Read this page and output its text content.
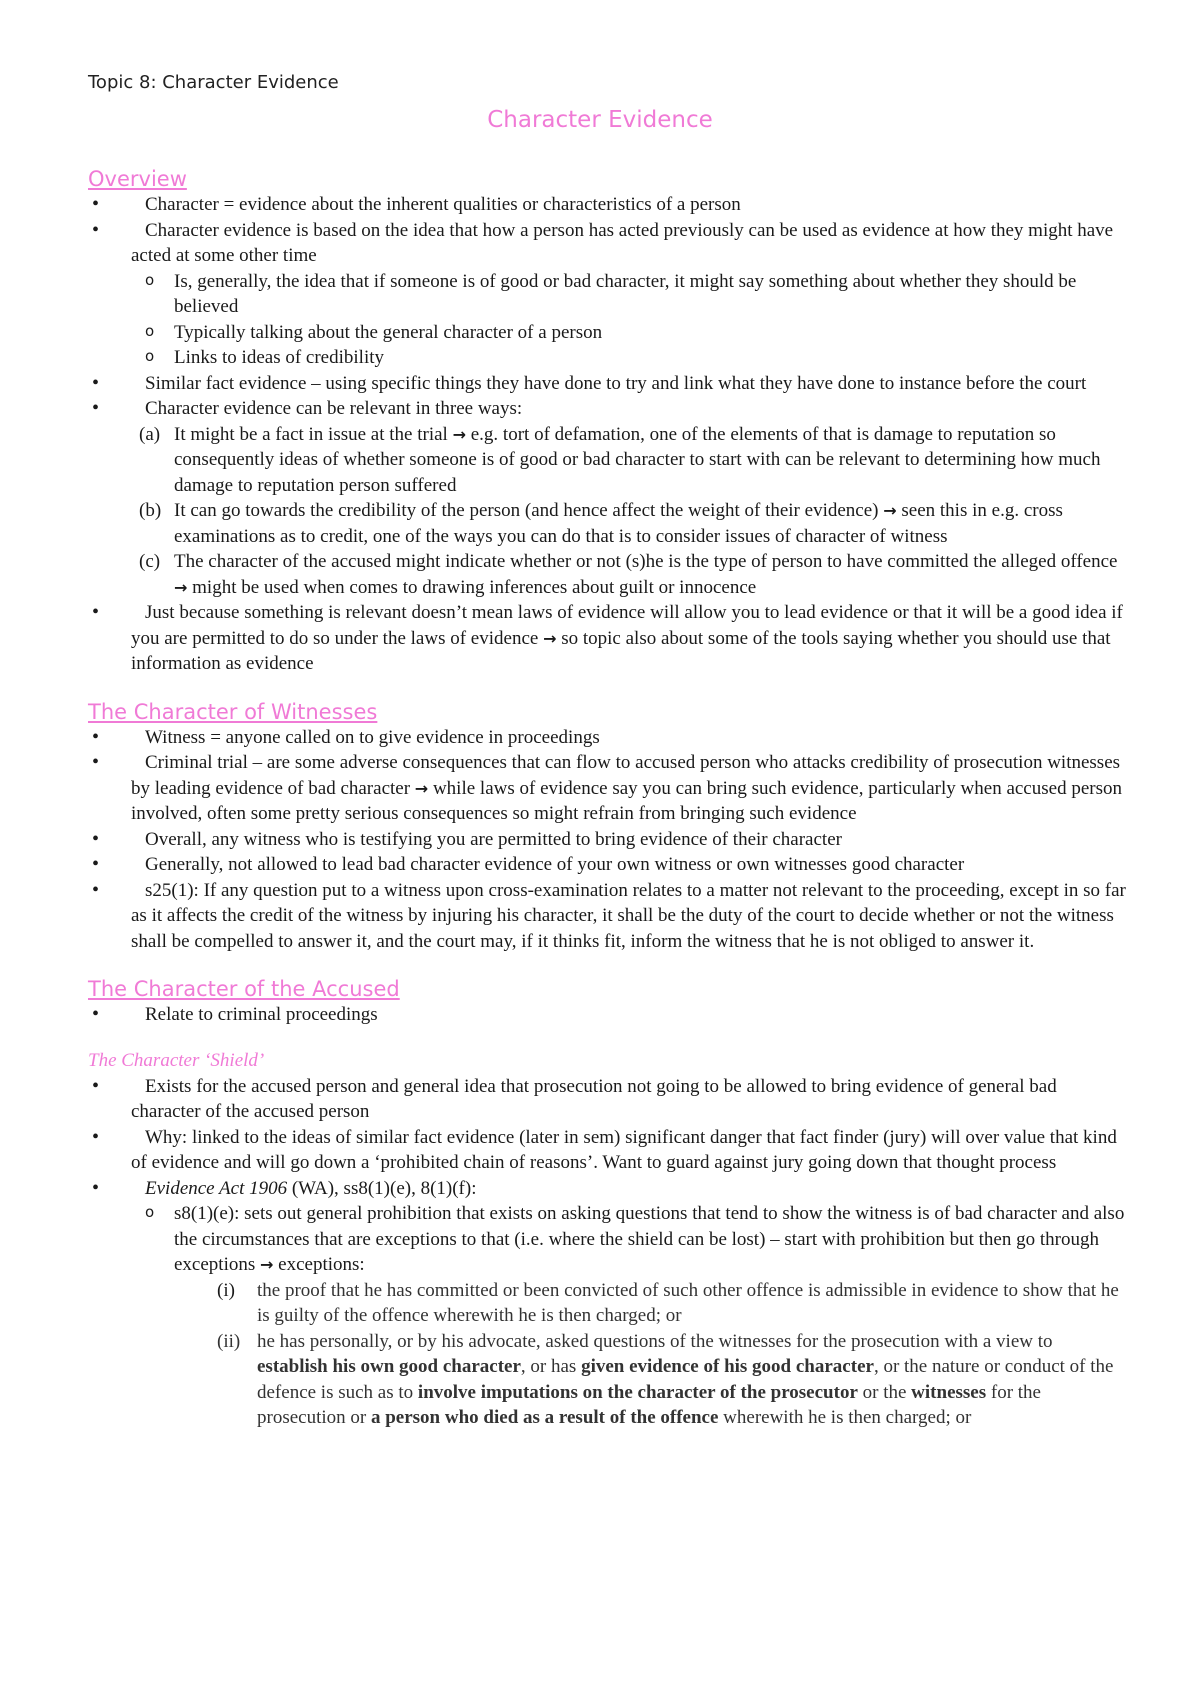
Topic 8: Character Evidence
Character Evidence
Overview
• Character = evidence about the inherent qualities or characteristics of a person
• Character evidence is based on the idea that how a person has acted previously can be used as evidence at how they might have acted at some other time
o Is, generally, the idea that if someone is of good or bad character, it might say something about whether they should be believed
o Typically talking about the general character of a person
o Links to ideas of credibility
• Similar fact evidence – using specific things they have done to try and link what they have done to instance before the court
• Character evidence can be relevant in three ways:
(a) It might be a fact in issue at the trial → e.g. tort of defamation, one of the elements of that is damage to reputation so consequently ideas of whether someone is of good or bad character to start with can be relevant to determining how much damage to reputation person suffered
(b) It can go towards the credibility of the person (and hence affect the weight of their evidence) → seen this in e.g. cross examinations as to credit, one of the ways you can do that is to consider issues of character of witness
(c) The character of the accused might indicate whether or not (s)he is the type of person to have committed the alleged offence → might be used when comes to drawing inferences about guilt or innocence
• Just because something is relevant doesn’t mean laws of evidence will allow you to lead evidence or that it will be a good idea if you are permitted to do so under the laws of evidence → so topic also about some of the tools saying whether you should use that information as evidence
The Character of Witnesses
• Witness = anyone called on to give evidence in proceedings
• Criminal trial – are some adverse consequences that can flow to accused person who attacks credibility of prosecution witnesses by leading evidence of bad character → while laws of evidence say you can bring such evidence, particularly when accused person involved, often some pretty serious consequences so might refrain from bringing such evidence
• Overall, any witness who is testifying you are permitted to bring evidence of their character
• Generally, not allowed to lead bad character evidence of your own witness or own witnesses good character
• s25(1): If any question put to a witness upon cross-examination relates to a matter not relevant to the proceeding, except in so far as it affects the credit of the witness by injuring his character, it shall be the duty of the court to decide whether or not the witness shall be compelled to answer it, and the court may, if it thinks fit, inform the witness that he is not obliged to answer it.
The Character of the Accused
• Relate to criminal proceedings
The Character ‘Shield’
• Exists for the accused person and general idea that prosecution not going to be allowed to bring evidence of general bad character of the accused person
• Why: linked to the ideas of similar fact evidence (later in sem) significant danger that fact finder (jury) will over value that kind of evidence and will go down a ‘prohibited chain of reasons’. Want to guard against jury going down that thought process
• Evidence Act 1906 (WA), ss8(1)(e), 8(1)(f):
o s8(1)(e): sets out general prohibition that exists on asking questions that tend to show the witness is of bad character and also the circumstances that are exceptions to that (i.e. where the shield can be lost) – start with prohibition but then go through exceptions → exceptions:
(i) the proof that he has committed or been convicted of such other offence is admissible in evidence to show that he is guilty of the offence wherewith he is then charged; or
(ii) he has personally, or by his advocate, asked questions of the witnesses for the prosecution with a view to establish his own good character, or has given evidence of his good character, or the nature or conduct of the defence is such as to involve imputations on the character of the prosecutor or the witnesses for the prosecution or a person who died as a result of the offence wherewith he is then charged; or
